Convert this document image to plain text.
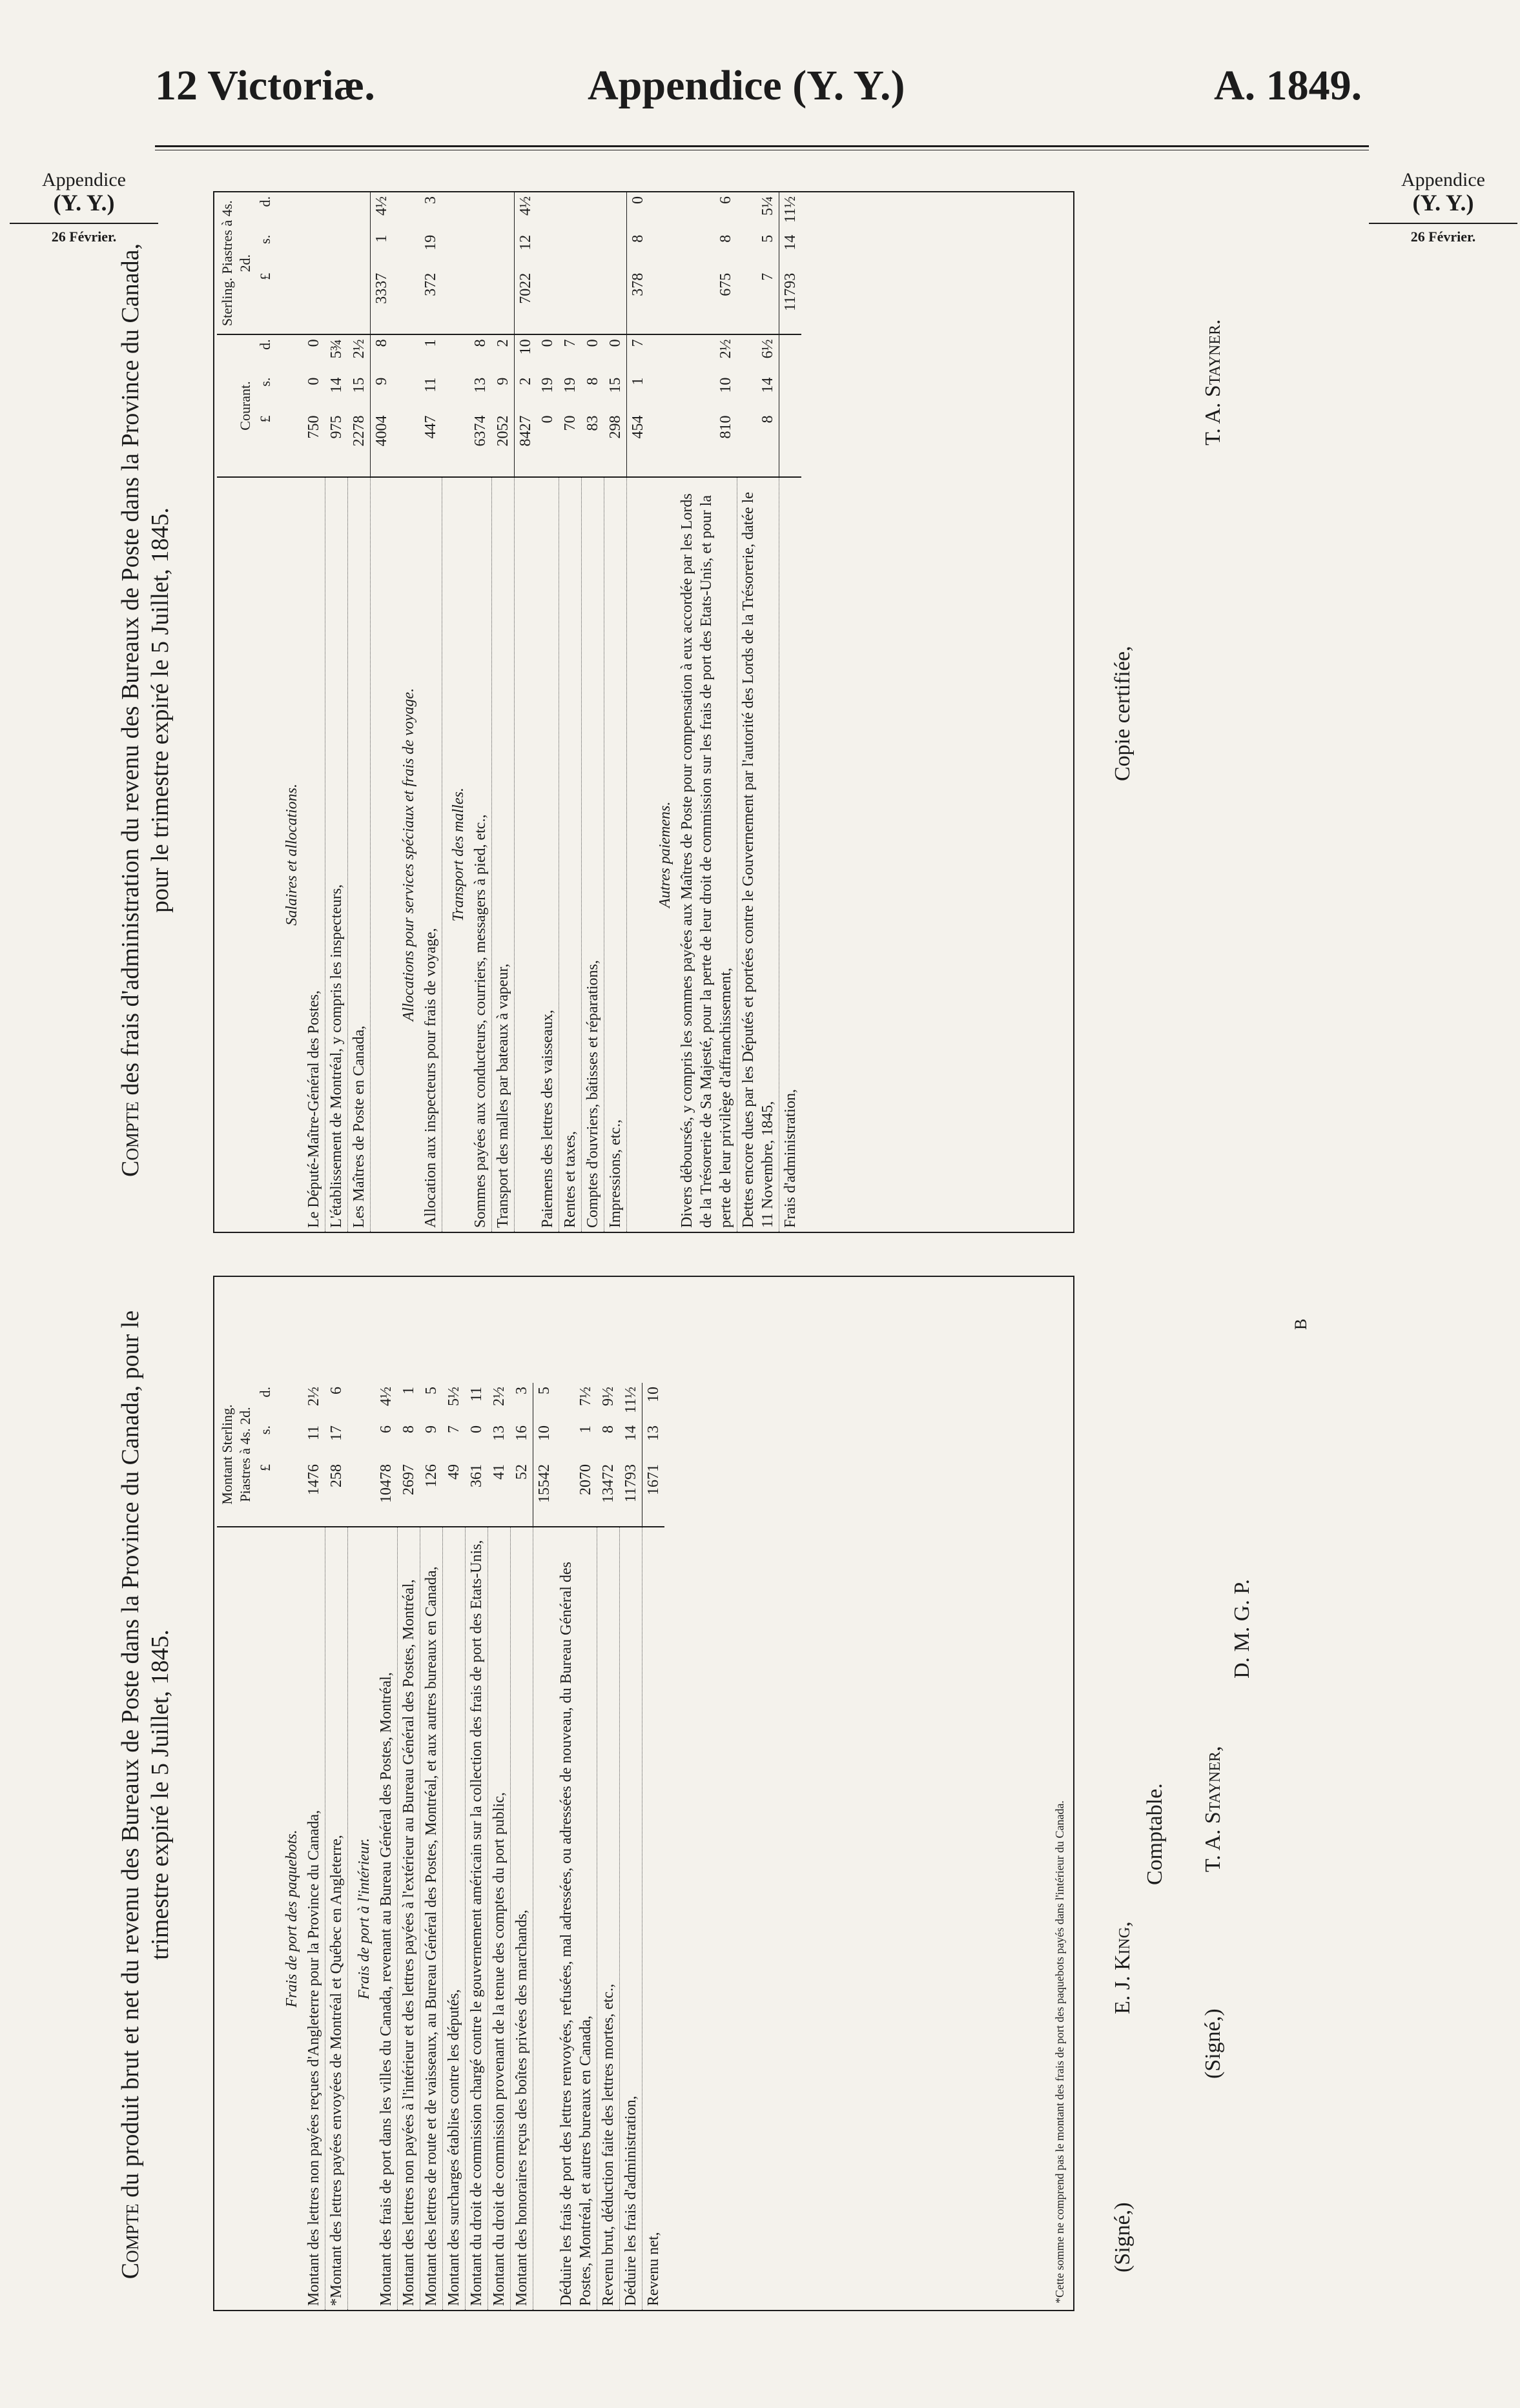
12 Victoriæ.	Appendice (Y. Y.)	A. 1849.
Appendice
(Y. Y.)
26 Février.
Appendice
(Y. Y.)
26 Février.
Compte du produit brut et net du revenu des Bureaux de Poste dans la Province du Canada, pour le trimestre expiré le 5 Juillet, 1845.
	Montant Sterling. Piastres à 4s. 2d.		
	£	s.	d.
Frais de port des paquebots.			
Montant des lettres non payées reçues d'Angleterre pour la Province du Canada,	1476	11	2½
*Montant des lettres payées envoyées de Montréal et Québec en Angleterre,	258	17	6
Frais de port à l'intérieur.			
Montant des frais de port dans les villes du Canada, revenant au Bureau Général des Postes, Montréal,	10478	6	4½
Montant des lettres non payées à l'intérieur et des lettres payées à l'extérieur au Bureau Général des Postes, Montréal,	2697	8	1
Montant des lettres de route et de vaisseaux, au Bureau Général des Postes, Montréal, et aux autres bureaux en Canada,	126	9	5
Montant des surcharges établies contre les députés,	49	7	5½
Montant du droit de commission chargé contre le gouvernement américain sur la collection des frais de port des Etats-Unis,	361	0	11
Montant du droit de commission provenant de la tenue des comptes du port public,	41	13	2½
Montant des honoraires reçus des boîtes privées des marchands,	52	16	3
	15542	10	5
Déduire les frais de port des lettres renvoyées, refusées, mal adressées, ou adressées de nouveau, du Bureau Général des Postes, Montréal, et autres bureaux en Canada,	2070	1	7½
Revenu brut, déduction faite des lettres mortes, etc.,	13472	8	9½
Déduire les frais d'administration,	11793	14	11½
Revenu net,	1671	13	10
*Cette somme ne comprend pas le montant des frais de port des paquebots payés dans l'intérieur du Canada. (Signé,)
E. J. King,
Comptable.
(Signé,)
T. A. Stayner,
D. M. G. P.
B
Compte des frais d'administration du revenu des Bureaux de Poste dans la Province du Canada, pour le trimestre expiré le 5 Juillet, 1845.
	Courant.			Sterling. Piastres à 4s. 2d.		
	£	s.	d.	£	s.	d.
Salaires et allocations.						
Le Député-Maître-Général des Postes,	750	0	0			
L'établissement de Montréal, y compris les inspecteurs,	975	14	5¾			
Les Maîtres de Poste en Canada,	2278	15	2½			
	4004	9	8	3337	1	4½
Allocations pour services spéciaux et frais de voyage.						
Allocation aux inspecteurs pour frais de voyage,	447	11	1	372	19	3
Transport des malles.						
Sommes payées aux conducteurs, courriers, messagers à pied, etc.,	6374	13	8			
Transport des malles par bateaux à vapeur,	2052	9	2			
	8427	2	10	7022	12	4½
Paiemens des lettres des vaisseaux,	0	19	0			
Rentes et taxes,	70	19	7			
Comptes d'ouvriers, bâtisses et réparations,	83	8	0			
Impressions, etc.,	298	15	0			
	454	1	7	378	8	0
Autres paiemens.						
Divers déboursés, y compris les sommes payées aux Maîtres de Poste pour compensation à eux accordée par les Lords de la Trésorerie de Sa Majesté, pour la perte de leur droit de commission sur les frais de port des Etats-Unis, et pour la perte de leur privilège d'affranchissement,	810	10	2½	675	8	6
Dettes encore dues par les Députés et portées contre le Gouvernement par l'autorité des Lords de la Trésorerie, datée le 11 Novembre, 1845,	8	14	6½	7	5	5¼
Frais d'administration,				11793	14	11½
Copie certifiée,
T. A. Stayner.
